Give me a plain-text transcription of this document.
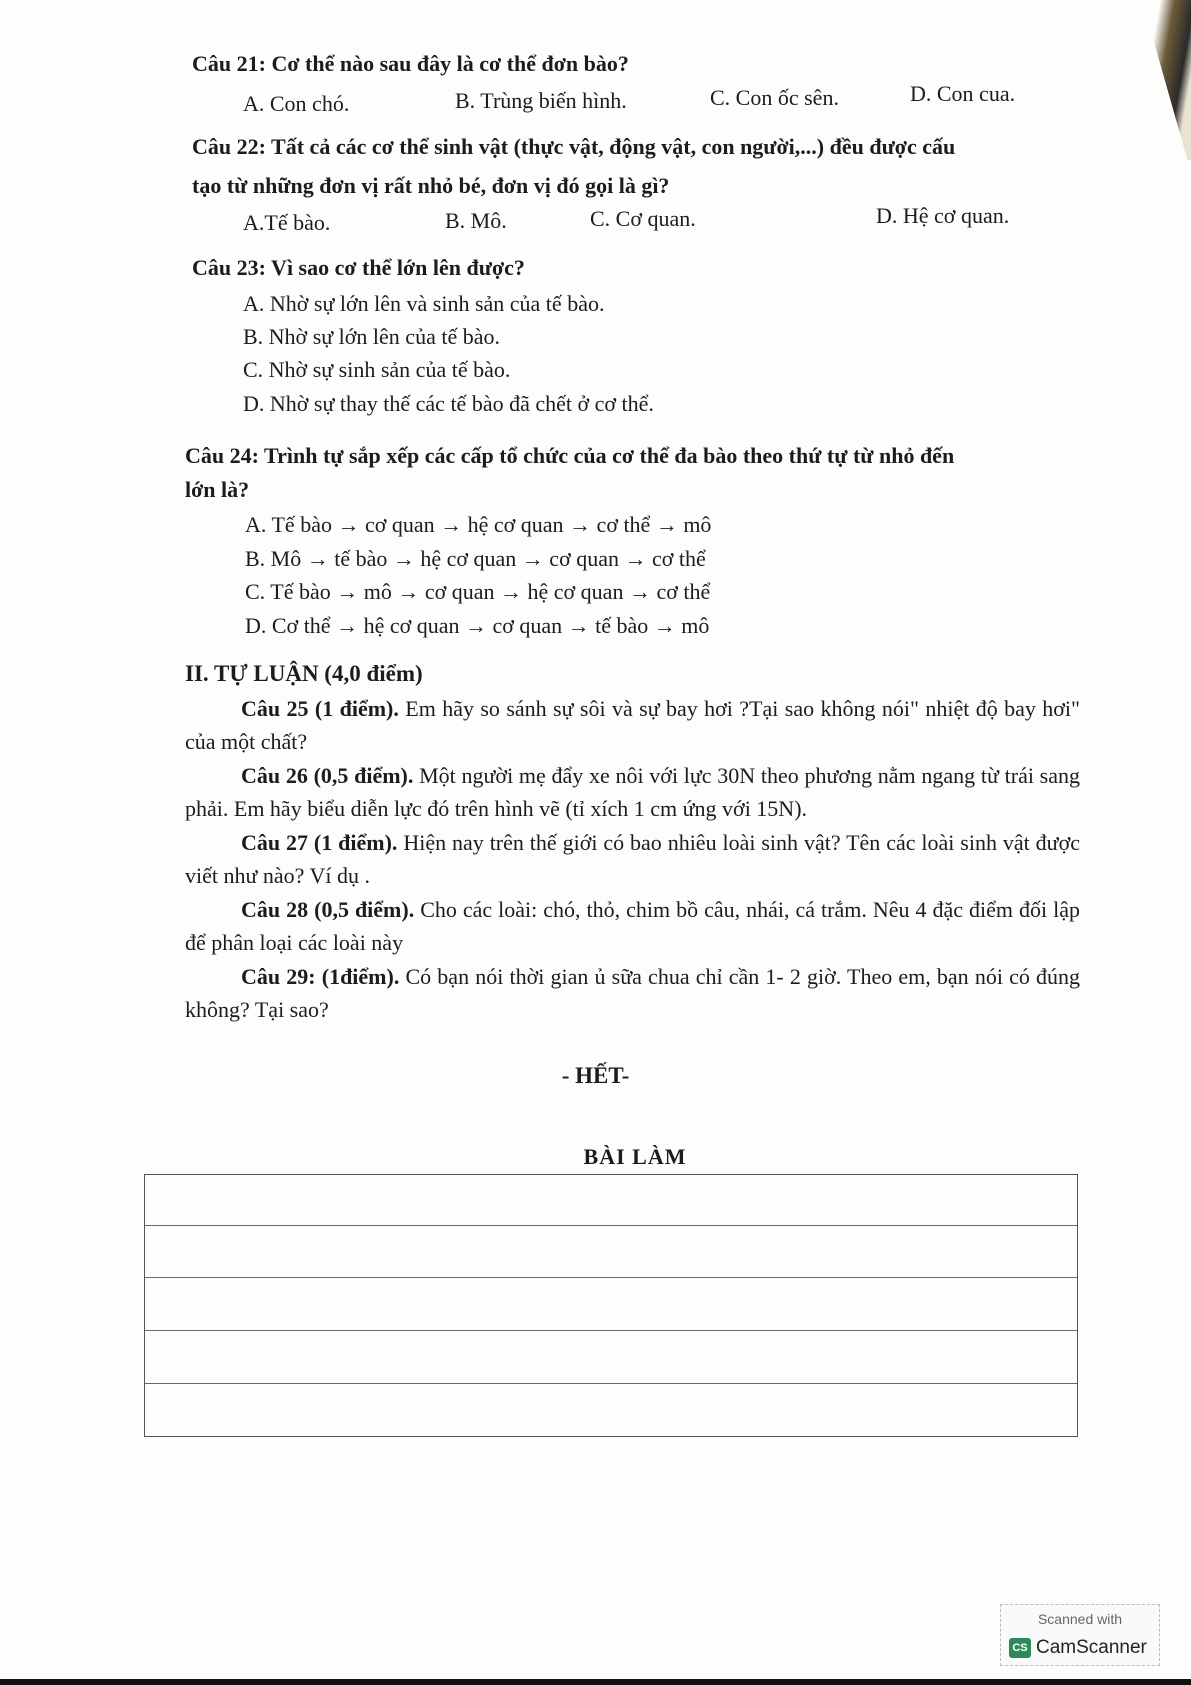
Câu 21: Cơ thể nào sau đây là cơ thể đơn bào?
A. Con chó.	B. Trùng biến hình.	C. Con ốc sên.	D. Con cua.
Câu 22: Tất cả các cơ thể sinh vật (thực vật, động vật, con người,...) đều được cấu
tạo từ những đơn vị rất nhỏ bé, đơn vị đó gọi là gì?
A.Tế bào.	B. Mô.	C. Cơ quan.	D. Hệ cơ quan.
Câu 23: Vì sao cơ thể lớn lên được?
A. Nhờ sự lớn lên và sinh sản của tế bào.
B. Nhờ sự lớn lên của tế bào.
C. Nhờ sự sinh sản của tế bào.
D. Nhờ sự thay thế các tế bào đã chết ở cơ thể.
Câu 24: Trình tự sắp xếp các cấp tổ chức của cơ thể đa bào theo thứ tự từ nhỏ đến
lớn là?
A. Tế bào → cơ quan → hệ cơ quan → cơ thể → mô
B. Mô → tế bào → hệ cơ quan → cơ quan → cơ thể
C. Tế bào → mô → cơ quan → hệ cơ quan → cơ thể
D. Cơ thể → hệ cơ quan → cơ quan → tế bào → mô
II. TỰ LUẬN (4,0 điểm)
Câu 25 (1 điểm). Em hãy so sánh sự sôi và sự bay hơi ?Tại sao không nói" nhiệt độ bay hơi" của một chất?
Câu 26 (0,5 điểm). Một người mẹ đẩy xe nôi với lực 30N theo phương nằm ngang từ trái sang phải. Em hãy biểu diễn lực đó trên hình vẽ (tỉ xích 1 cm ứng với 15N).
Câu 27 (1 điểm). Hiện nay trên thế giới có bao nhiêu loài sinh vật? Tên các loài sinh vật được viết như nào? Ví dụ .
Câu 28 (0,5 điểm). Cho các loài: chó, thỏ, chim bồ câu, nhái, cá trắm. Nêu 4 đặc điểm đối lập để phân loại các loài này
Câu 29: (1điểm). Có bạn nói thời gian ủ sữa chua chỉ cần 1- 2 giờ. Theo em, bạn nói có đúng không? Tại sao?
- HẾT-
BÀI LÀM
Scanned with
CS CamScanner
